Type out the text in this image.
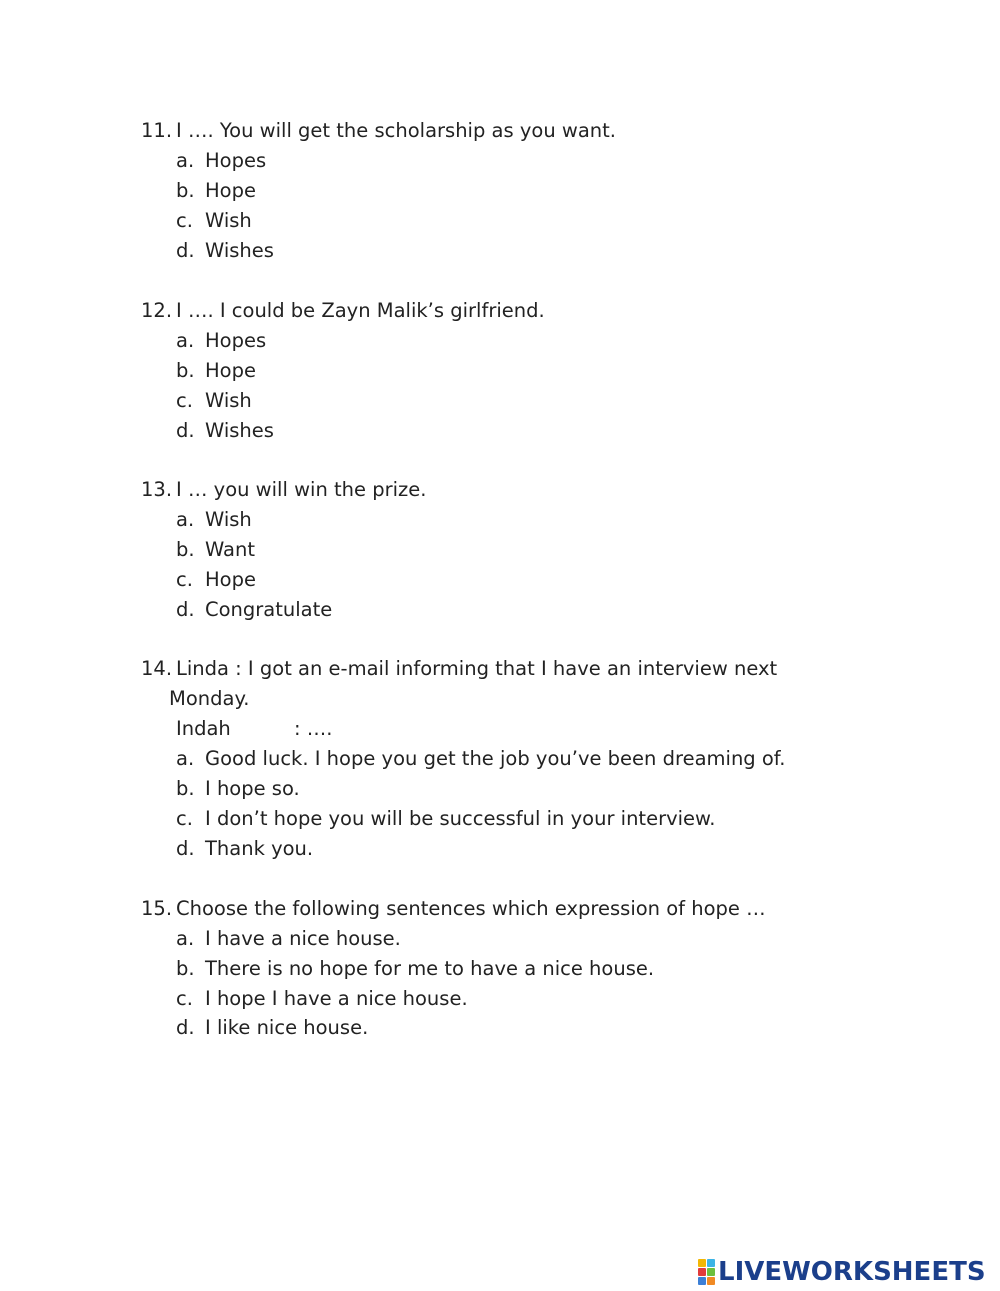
11. I …. You will get the scholarship as you want.
a. Hopes
b. Hope
c. Wish
d. Wishes
12. I …. I could be Zayn Malik’s girlfriend.
a. Hopes
b. Hope
c. Wish
d. Wishes
13. I … you will win the prize.
a. Wish
b. Want
c. Hope
d. Congratulate
14. Linda : I got an e-mail informing that I have an interview next
Monday.
Indah	: ….
a. Good luck. I hope you get the job you’ve been dreaming of.
b. I hope so.
c. I don’t hope you will be successful in your interview.
d. Thank you.
15. Choose the following sentences which expression of hope …
a. I have a nice house.
b. There is no hope for me to have a nice house.
c. I hope I have a nice house.
d. I like nice house.
LIVEWORKSHEETS
